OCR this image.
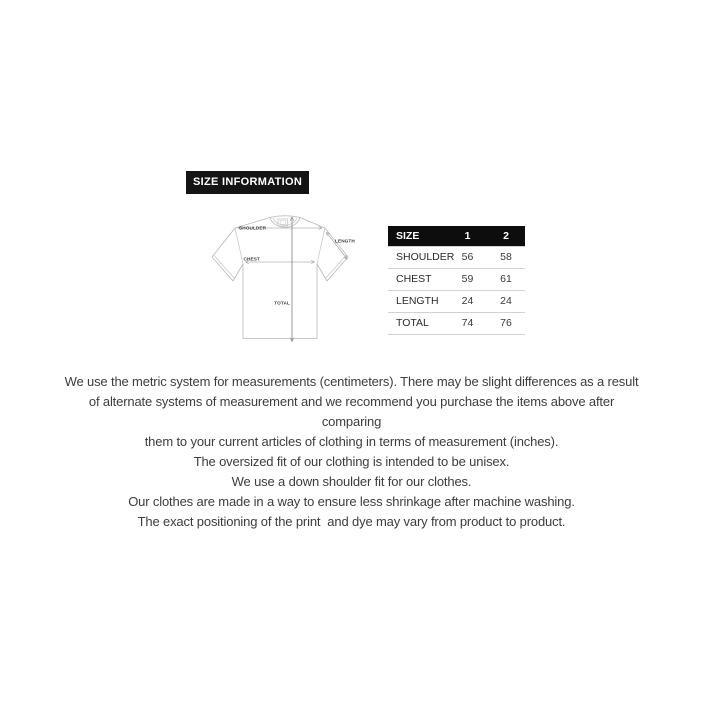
SIZE INFORMATION
SHOULDER
CHEST
LENGTH
TOTAL
SIZE	1	2
SHOULDER	56	58
CHEST	59	61
LENGTH	24	24
TOTAL	74	76
We use the metric system for measurements (centimeters). There may be slight differences as a result
of alternate systems of measurement and we recommend you purchase the items above after
comparing
them to your current articles of clothing in terms of measurement (inches).
The oversized fit of our clothing is intended to be unisex.
We use a down shoulder fit for our clothes.
Our clothes are made in a way to ensure less shrinkage after machine washing.
The exact positioning of the print  and dye may vary from product to product.
